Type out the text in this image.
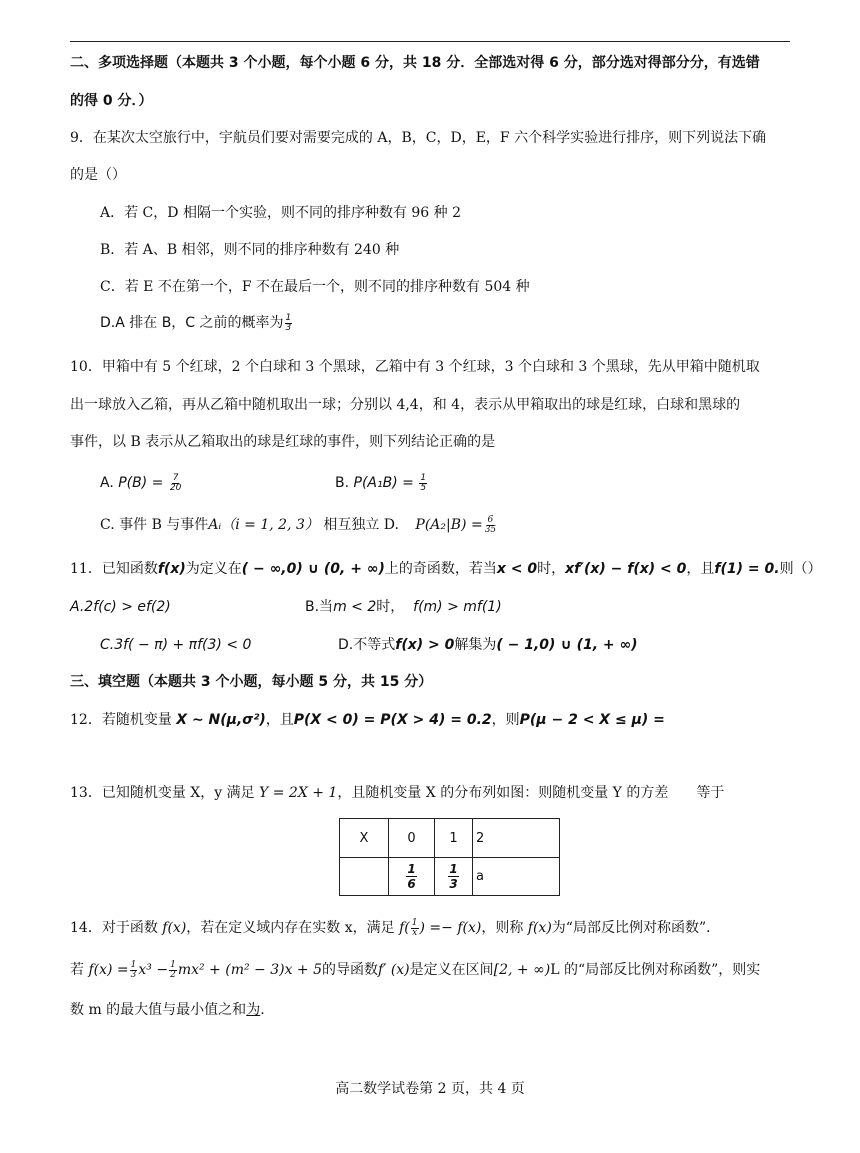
二、多项选择题（本题共 3 个小题，每个小题 6 分，共 18 分．全部选对得 6 分，部分选对得部分分，有选错
的得 0 分．）
9．在某次太空旅行中，宇航员们要对需要完成的 A，B，C，D，E，F 六个科学实验进行排序，则下列说法下确
的是（）
A．若 C，D 相隔一个实验，则不同的排序种数有 96 种 2
B．若 A、B 相邻，则不同的排序种数有 240 种
C．若 E 不在第一个，F 不在最后一个，则不同的排序种数有 504 种
D.A 排在 B，C 之前的概率为 $\frac{1}{3}$
10．甲箱中有 5 个红球，2 个白球和 3 个黑球，乙箱中有 3 个红球，3 个白球和 3 个黑球，先从甲箱中随机取
出一球放入乙箱，再从乙箱中随机取出一球；分别以 4,4，和 4，表示从甲箱取出的球是红球，白球和黑球的
事件，以 B 表示从乙箱取出的球是红球的事件，则下列结论正确的是
A. $P(B) = \frac{7}{20}$	B. $P(A_1B) = \frac{1}{5}$
C. 事件 B 与事件Aᵢ（i = 1, 2, 3） 相互独立 D. $P(A_2|B) = \frac{6}{35}$
11．已知函数f(x)为定义在( − ∞,0) ∪ (0, + ∞)上的奇函数，若当x < 0时，xf′(x) − f(x) < 0，且f(1) = 0.则（）
A.2f(c) > ef(2)	B.当m < 2时， f(m) > mf(1)
C.3f( − π) + πf(3) < 0	D.不等式f(x) > 0解集为( − 1,0) ∪ (1, + ∞)
三、填空题（本题共 3 个小题，每小题 5 分，共 15 分）
12．若随机变量 X ∼ N(μ,σ²)，且P(X < 0) = P(X > 4) = 0.2，则P(μ − 2 < X ≤ μ) =
13．已知随机变量 X，y 满足 Y = 2X + 1，且随机变量 X 的分布列如图：则随机变量 Y 的方差　　等于
X	0	1	2

	$\frac{1}{6}$	$\frac{1}{3}$	a
14．对于函数 f(x)，若在定义域内存在实数 x，满足 $f( \frac{1}{x}$ ) =− f(x)，则称 f(x)为“局部反比例对称函数”．
若 $f(x) = \frac{1}{3} x^3 - \frac{1}{2} mx^2 + (m^2 - 3)x + 5$的导函数f′ (x)是定义在区间[2, + ∞)L 的“局部反比例对称函数”，则实
数 m 的最大值与最小值之和为.
高二数学试卷第 2 页，共 4 页
